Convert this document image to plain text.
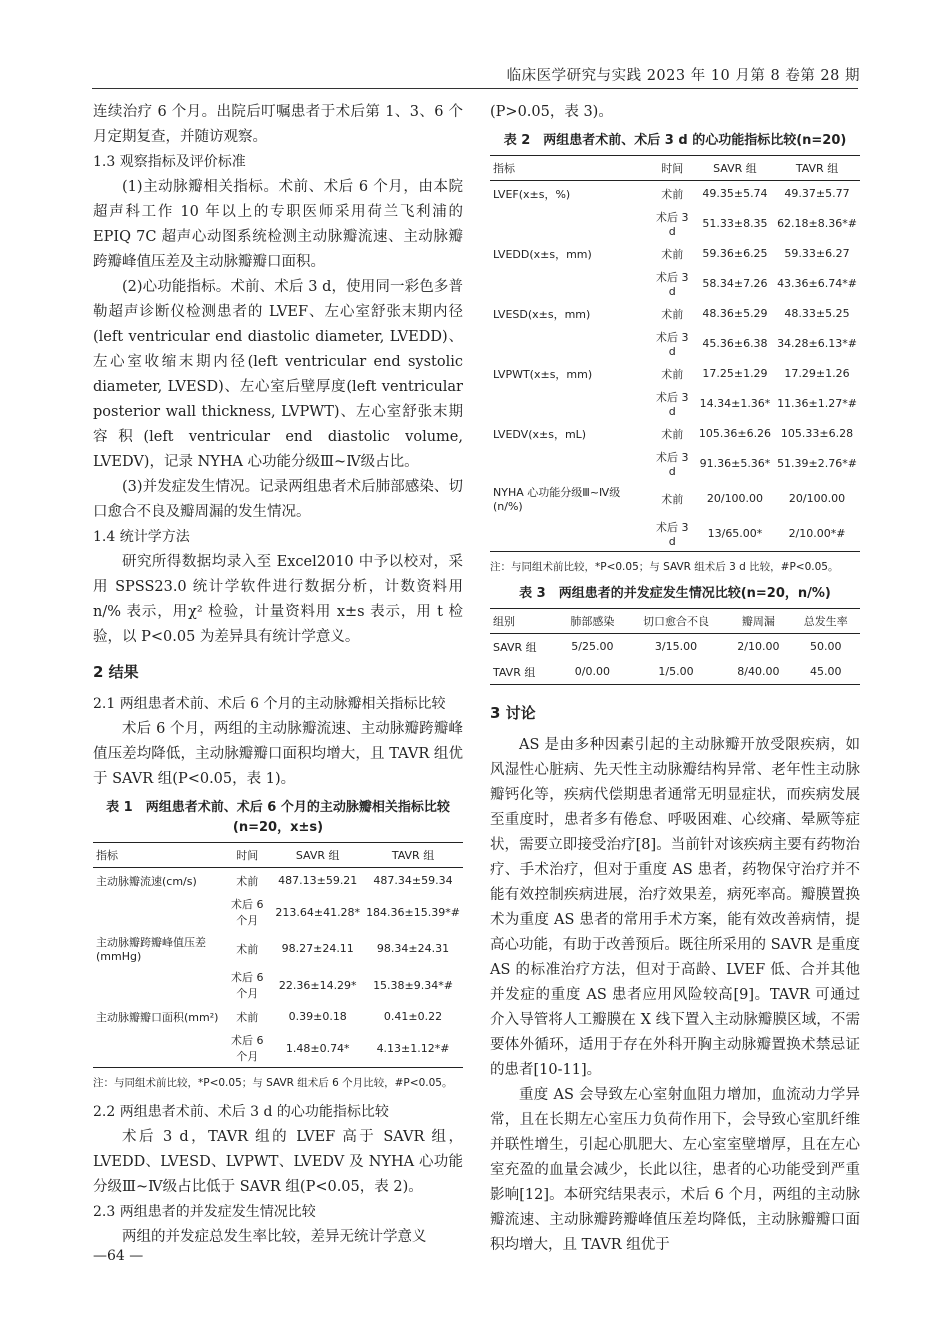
临床医学研究与实践 2023 年 10 月第 8 卷第 28 期

连续治疗 6 个月。出院后叮嘱患者于术后第 1、3、6 个月定期复查，并随访观察。

1.3 观察指标及评价标准

(1)主动脉瓣相关指标。术前、术后 6 个月，由本院超声科工作 10 年以上的专职医师采用荷兰飞利浦的 EPIQ 7C 超声心动图系统检测主动脉瓣流速、主动脉瓣跨瓣峰值压差及主动脉瓣瓣口面积。

(2)心功能指标。术前、术后 3 d，使用同一彩色多普勒超声诊断仪检测患者的 LVEF、左心室舒张末期内径(left ventricular end diastolic diameter, LVEDD)、左心室收缩末期内径(left ventricular end systolic diameter, LVESD)、左心室后壁厚度(left ventricular posterior wall thickness, LVPWT)、左心室舒张末期容积(left ventricular end diastolic volume, LVEDV)，记录 NYHA 心功能分级Ⅲ~Ⅳ级占比。

(3)并发症发生情况。记录两组患者术后肺部感染、切口愈合不良及瓣周漏的发生情况。

1.4 统计学方法

研究所得数据均录入至 Excel2010 中予以校对，采用 SPSS23.0 统计学软件进行数据分析，计数资料用 n/% 表示，用χ² 检验，计量资料用 x±s 表示，用 t 检验，以 P<0.05 为差异具有统计学意义。

2 结果
2.1 两组患者术前、术后 6 个月的主动脉瓣相关指标比较

术后 6 个月，两组的主动脉瓣流速、主动脉瓣跨瓣峰值压差均降低，主动脉瓣瓣口面积均增大，且 TAVR 组优于 SAVR 组(P<0.05，表 1)。

表 1　两组患者术前、术后 6 个月的主动脉瓣相关指标比较 (n=20，x±s)
指标	时间	SAVR 组	TAVR 组
主动脉瓣流速(cm/s)	术前	487.13±59.21	487.34±59.34
	术后 6 个月	213.64±41.28*	184.36±15.39*#
主动脉瓣跨瓣峰值压差(mmHg)	术前	98.27±24.11	98.34±24.31
	术后 6 个月	22.36±14.29*	15.38±9.34*#
主动脉瓣瓣口面积(mm²)	术前	0.39±0.18	0.41±0.22
	术后 6 个月	1.48±0.74*	4.13±1.12*#
注：与同组术前比较，*P<0.05；与 SAVR 组术后 6 个月比较，#P<0.05。
2.2 两组患者术前、术后 3 d 的心功能指标比较

术后 3 d，TAVR 组的 LVEF 高于 SAVR 组，LVEDD、LVESD、LVPWT、LVEDV 及 NYHA 心功能分级Ⅲ~Ⅳ级占比低于 SAVR 组(P<0.05，表 2)。

2.3 两组患者的并发症发生情况比较

两组的并发症总发生率比较，差异无统计学意义

(P>0.05，表 3)。

表 2　两组患者术前、术后 3 d 的心功能指标比较(n=20)
指标	时间	SAVR 组	TAVR 组
LVEF(x±s，%)	术前	49.35±5.74	49.37±5.77
	术后 3 d	51.33±8.35	62.18±8.36*#
LVEDD(x±s，mm)	术前	59.36±6.25	59.33±6.27
	术后 3 d	58.34±7.26	43.36±6.74*#
LVESD(x±s，mm)	术前	48.36±5.29	48.33±5.25
	术后 3 d	45.36±6.38	34.28±6.13*#
LVPWT(x±s，mm)	术前	17.25±1.29	17.29±1.26
	术后 3 d	14.34±1.36*	11.36±1.27*#
LVEDV(x±s，mL)	术前	105.36±6.26	105.33±6.28
	术后 3 d	91.36±5.36*	51.39±2.76*#
NYHA 心功能分级Ⅲ~Ⅳ级(n/%)	术前	20/100.00	20/100.00
	术后 3 d	13/65.00*	2/10.00*#
注：与同组术前比较，*P<0.05；与 SAVR 组术后 3 d 比较，#P<0.05。
表 3　两组患者的并发症发生情况比较(n=20，n/%)
组别	肺部感染	切口愈合不良	瓣周漏	总发生率
SAVR 组	5/25.00	3/15.00	2/10.00	50.00
TAVR 组	0/0.00	1/5.00	8/40.00	45.00
3 讨论

AS 是由多种因素引起的主动脉瓣开放受限疾病，如风湿性心脏病、先天性主动脉瓣结构异常、老年性主动脉瓣钙化等，疾病代偿期患者通常无明显症状，而疾病发展至重度时，患者多有倦怠、呼吸困难、心绞痛、晕厥等症状，需要立即接受治疗[8]。当前针对该疾病主要有药物治疗、手术治疗，但对于重度 AS 患者，药物保守治疗并不能有效控制疾病进展，治疗效果差，病死率高。瓣膜置换术为重度 AS 患者的常用手术方案，能有效改善病情，提高心功能，有助于改善预后。既往所采用的 SAVR 是重度 AS 的标准治疗方法，但对于高龄、LVEF 低、合并其他并发症的重度 AS 患者应用风险较高[9]。TAVR 可通过介入导管将人工瓣膜在 X 线下置入主动脉瓣膜区域，不需要体外循环，适用于存在外科开胸主动脉瓣置换术禁忌证的患者[10-11]。

重度 AS 会导致左心室射血阻力增加，血流动力学异常，且在长期左心室压力负荷作用下，会导致心室肌纤维并联性增生，引起心肌肥大、左心室室壁增厚，且在左心室充盈的血量会减少，长此以往，患者的心功能受到严重影响[12]。本研究结果表示，术后 6 个月，两组的主动脉瓣流速、主动脉瓣跨瓣峰值压差均降低，主动脉瓣瓣口面积均增大，且 TAVR 组优于

—64 —
